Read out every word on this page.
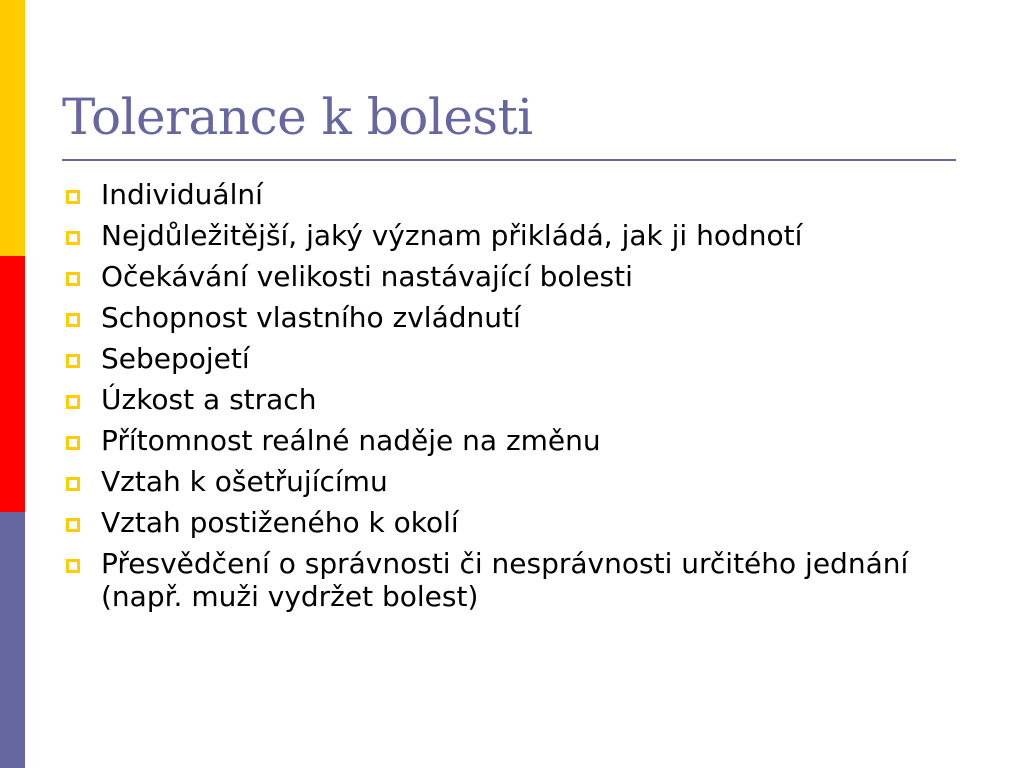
Tolerance k bolesti
Individuální
Nejdůležitější, jaký význam přikládá, jak ji hodnotí
Očekávání velikosti nastávající bolesti
Schopnost vlastního zvládnutí
Sebepojetí
Úzkost a strach
Přítomnost reálné naděje na změnu
Vztah k ošetřujícímu
Vztah postiženého k okolí
Přesvědčení o správnosti či nesprávnosti určitého jednání (např. muži vydržet bolest)
